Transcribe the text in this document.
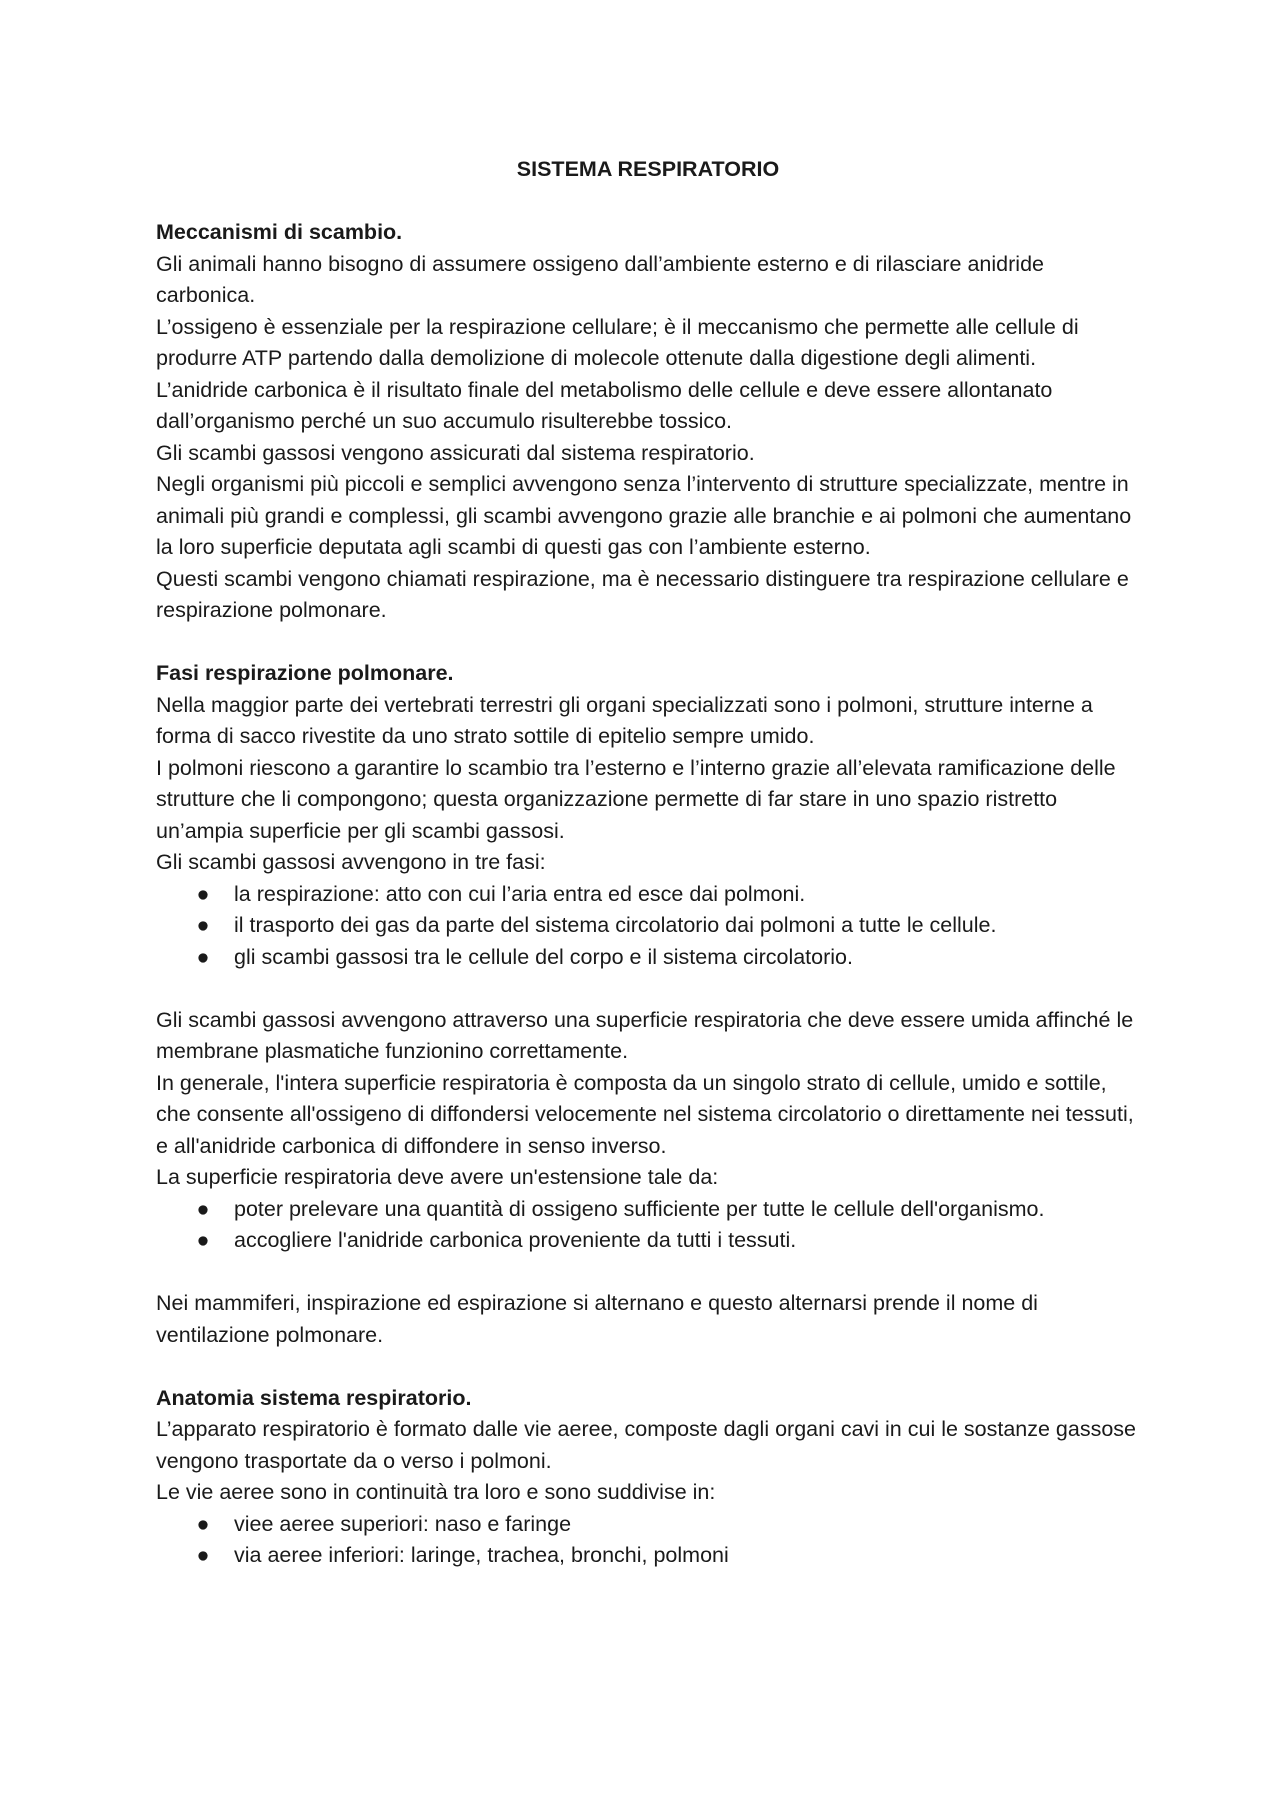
SISTEMA RESPIRATORIO

Meccanismi di scambio.

Gli animali hanno bisogno di assumere ossigeno dall’ambiente esterno e di rilasciare anidride carbonica.

L’ossigeno è essenziale per la respirazione cellulare; è il meccanismo che permette alle cellule di produrre ATP partendo dalla demolizione di molecole ottenute dalla digestione degli alimenti.

L’anidride carbonica è il risultato finale del metabolismo delle cellule e deve essere allontanato dall’organismo perché un suo accumulo risulterebbe tossico.

Gli scambi gassosi vengono assicurati dal sistema respiratorio.

Negli organismi più piccoli e semplici avvengono senza l’intervento di strutture specializzate, mentre in animali più grandi e complessi, gli scambi avvengono grazie alle branchie e ai polmoni che aumentano la loro superficie deputata agli scambi di questi gas con l’ambiente esterno.

Questi scambi vengono chiamati respirazione, ma è necessario distinguere tra respirazione cellulare e respirazione polmonare.

Fasi respirazione polmonare.

Nella maggior parte dei vertebrati terrestri gli organi specializzati sono i polmoni, strutture interne a forma di sacco rivestite da uno strato sottile di epitelio sempre umido.

I polmoni riescono a garantire lo scambio tra l’esterno e l’interno grazie all’elevata ramificazione delle strutture che li compongono; questa organizzazione permette di far stare in uno spazio ristretto un’ampia superficie per gli scambi gassosi.

Gli scambi gassosi avvengono in tre fasi:

● la respirazione: atto con cui l’aria entra ed esce dai polmoni.
● il trasporto dei gas da parte del sistema circolatorio dai polmoni a tutte le cellule.
● gli scambi gassosi tra le cellule del corpo e il sistema circolatorio.

Gli scambi gassosi avvengono attraverso una superficie respiratoria che deve essere umida affinché le membrane plasmatiche funzionino correttamente.

In generale, l'intera superficie respiratoria è composta da un singolo strato di cellule, umido e sottile, che consente all'ossigeno di diffondersi velocemente nel sistema circolatorio o direttamente nei tessuti, e all'anidride carbonica di diffondere in senso inverso.

La superficie respiratoria deve avere un'estensione tale da:

● poter prelevare una quantità di ossigeno sufficiente per tutte le cellule dell'organismo.
● accogliere l'anidride carbonica proveniente da tutti i tessuti.

Nei mammiferi, inspirazione ed espirazione si alternano e questo alternarsi prende il nome di ventilazione polmonare.

Anatomia sistema respiratorio.

L’apparato respiratorio è formato dalle vie aeree, composte dagli organi cavi in cui le sostanze gassose vengono trasportate da o verso i polmoni.

Le vie aeree sono in continuità tra loro e sono suddivise in:

● viee aeree superiori: naso e faringe
● via aeree inferiori: laringe, trachea, bronchi, polmoni
